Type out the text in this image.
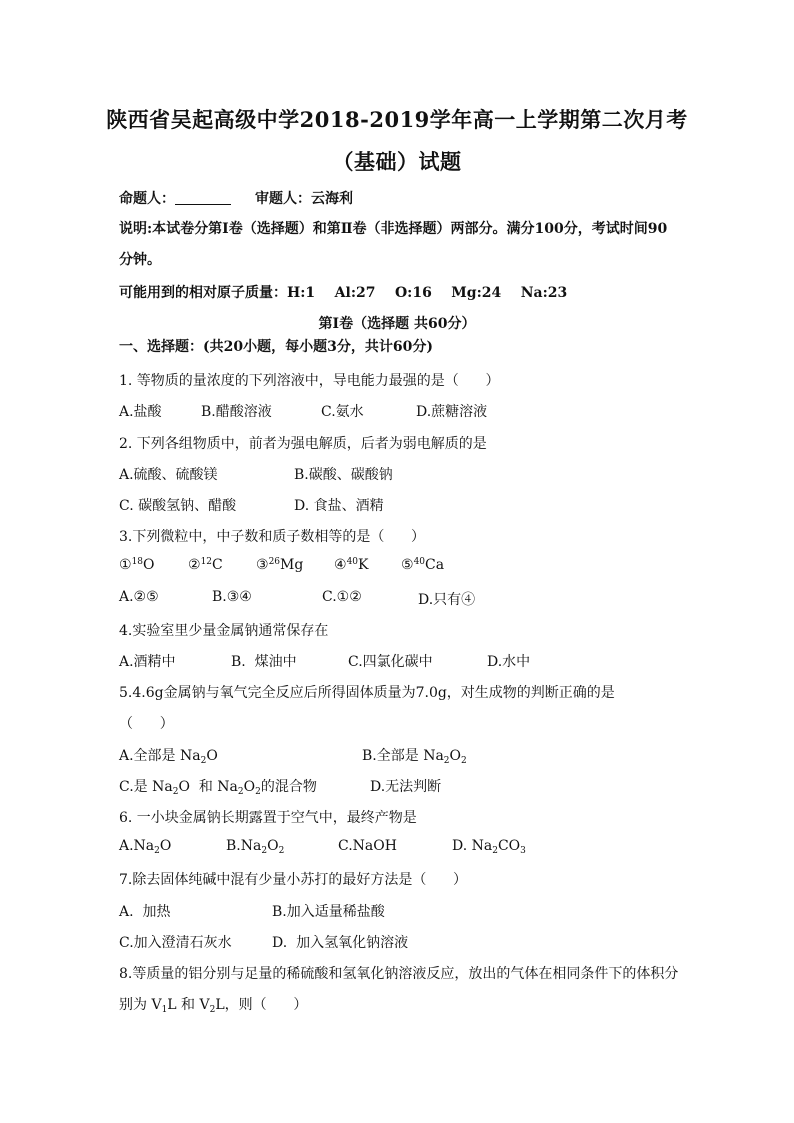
陕西省吴起高级中学2018-2019学年高一上学期第二次月考
（基础）试题
命题人：	审题人：云海利
说明:本试卷分第Ⅰ卷（选择题）和第Ⅱ卷（非选择题）两部分。满分100分，考试时间90
分钟。
可能用到的相对原子质量：H:1    Al:27    O:16    Mg:24    Na:23
第Ⅰ卷（选择题 共60分）
一、选择题：(共20小题，每小题3分，共计60分)
1. 等物质的量浓度的下列溶液中，导电能力最强的是（      ）
A.盐酸	B.醋酸溶液	C.氨水	D.蔗糖溶液
2. 下列各组物质中，前者为强电解质，后者为弱电解质的是
A.硫酸、硫酸镁	B.碳酸、碳酸钠
C. 碳酸氢钠、醋酸	D. 食盐、酒精
3.下列微粒中，中子数和质子数相等的是（      ）
①$^{18}$O ②$^{12}$C ③$^{26}$Mg ④$^{40}$K ⑤$^{40}$Ca
A.②⑤	B.③④	C.①②	D.只有④
4.实验室里少量金属钠通常保存在
A.酒精中	B.  煤油中	C.四氯化碳中	D.水中
5.4.6g金属钠与氧气完全反应后所得固体质量为7.0g，对生成物的判断正确的是
（      ）
A.全部是 $Na_2O$	B.全部是 $Na_2O_2$
C.是 $Na_2O$  和 $Na_2O_2$的混合物	D.无法判断
6. 一小块金属钠长期露置于空气中，最终产物是
$A.Na_2O$	$B.Na_2O_2$	C.NaOH	D. $Na_2CO_3$
7.除去固体纯碱中混有少量小苏打的最好方法是（      ）
A.  加热	B.加入适量稀盐酸
C.加入澄清石灰水	D.  加入氢氧化钠溶液
8.等质量的铝分别与足量的稀硫酸和氢氧化钠溶液反应，放出的气体在相同条件下的体积分
别为 $V_1L$ 和 $V_2L$，则（      ）
